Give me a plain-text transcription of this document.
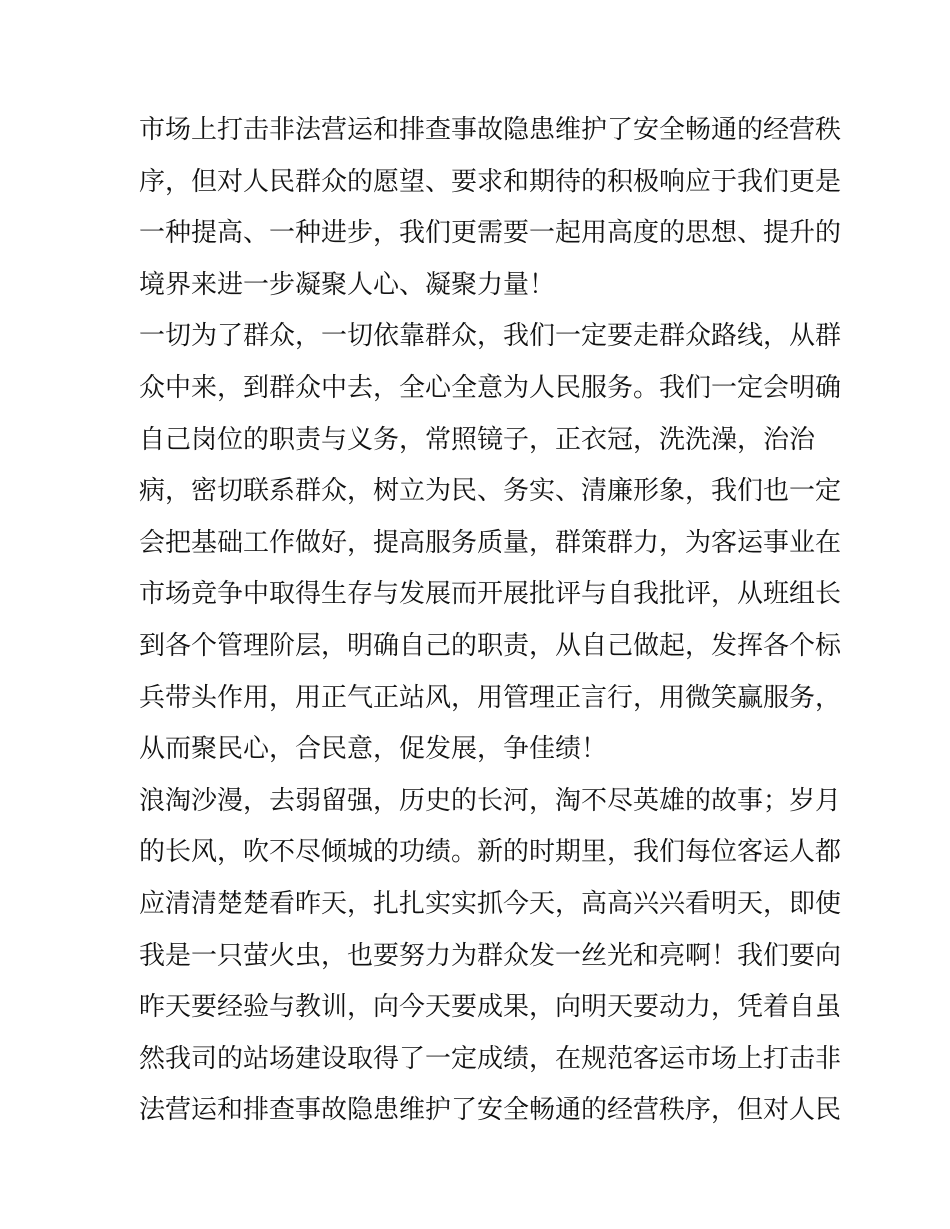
市场上打击非法营运和排查事故隐患维护了安全畅通的经营秩
序，但对人民群众的愿望、要求和期待的积极响应于我们更是
一种提高、一种进步，我们更需要一起用高度的思想、提升的
境界来进一步凝聚人心、凝聚力量！
一切为了群众，一切依靠群众，我们一定要走群众路线，从群
众中来，到群众中去，全心全意为人民服务。我们一定会明确
自己岗位的职责与义务，常照镜子，正衣冠，洗洗澡，治治
病，密切联系群众，树立为民、务实、清廉形象，我们也一定
会把基础工作做好，提高服务质量，群策群力，为客运事业在
市场竞争中取得生存与发展而开展批评与自我批评，从班组长
到各个管理阶层，明确自己的职责，从自己做起，发挥各个标
兵带头作用，用正气正站风，用管理正言行，用微笑赢服务，
从而聚民心，合民意，促发展，争佳绩！
浪淘沙漫，去弱留强，历史的长河，淘不尽英雄的故事；岁月
的长风，吹不尽倾城的功绩。新的时期里，我们每位客运人都
应清清楚楚看昨天，扎扎实实抓今天，高高兴兴看明天，即使
我是一只萤火虫，也要努力为群众发一丝光和亮啊！我们要向
昨天要经验与教训，向今天要成果，向明天要动力，凭着自虽
然我司的站场建设取得了一定成绩，在规范客运市场上打击非
法营运和排查事故隐患维护了安全畅通的经营秩序，但对人民
